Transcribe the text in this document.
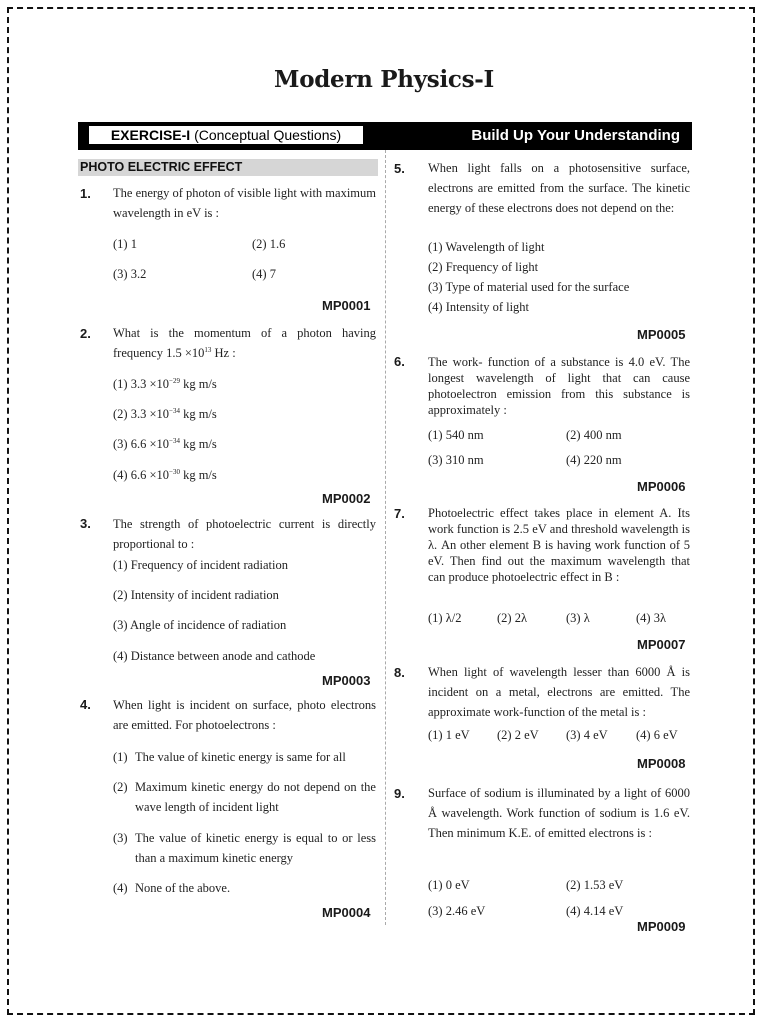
Modern Physics-I
EXERCISE-I (Conceptual Questions)	Build Up Your Understanding
PHOTO ELECTRIC EFFECT
1. The energy of photon of visible light with maximum wavelength in eV is :
(1) 1	(2) 1.6
(3) 3.2	(4) 7
MP0001
2. What is the momentum of a photon having frequency $1.5 \times 10^{13}$ Hz :
(1) $3.3 \times 10^{-29}$ kg m/s
(2) $3.3 \times 10^{-34}$ kg m/s
(3) $6.6 \times 10^{-34}$ kg m/s
(4) $6.6 \times 10^{-30}$ kg m/s
MP0002
3. The strength of photoelectric current is directly proportional to :
(1) Frequency of incident radiation
(2) Intensity of incident radiation
(3) Angle of incidence of radiation
(4) Distance between anode and cathode
MP0003
4. When light is incident on surface, photo electrons are emitted. For photoelectrons :
(1) The value of kinetic energy is same for all
(2) Maximum kinetic energy do not depend on the wave length of incident light
(3) The value of kinetic energy is equal to or less than a maximum kinetic energy
(4) None of the above.
MP0004
5. When light falls on a photosensitive surface, electrons are emitted from the surface. The kinetic energy of these electrons does not depend on the:
(1) Wavelength of light
(2) Frequency of light
(3) Type of material used for the surface
(4) Intensity of light
MP0005
6. The work- function of a substance is 4.0 eV. The longest wavelength of light that can cause photoelectron emission from this substance is approximately :
(1) 540 nm	(2) 400 nm
(3) 310 nm	(4) 220 nm
MP0006
7. Photoelectric effect takes place in element A. Its work function is 2.5 eV and threshold wavelength is λ. An other element B is having work function of 5 eV. Then find out the maximum wavelength that can produce photoelectric effect in B :
(1) λ/2	(2) 2λ	(3) λ	(4) 3λ
MP0007
8. When light of wavelength lesser than 6000 Å is incident on a metal, electrons are emitted. The approximate work-function of the metal is :
(1) 1 eV (2) 2 eV (3) 4 eV (4) 6 eV
MP0008
9. Surface of sodium is illuminated by a light of 6000 Å wavelength. Work function of sodium is 1.6 eV. Then minimum K.E. of emitted electrons is :
(1) 0 eV	(2) 1.53 eV
(3) 2.46 eV	(4) 4.14 eV
MP0009
